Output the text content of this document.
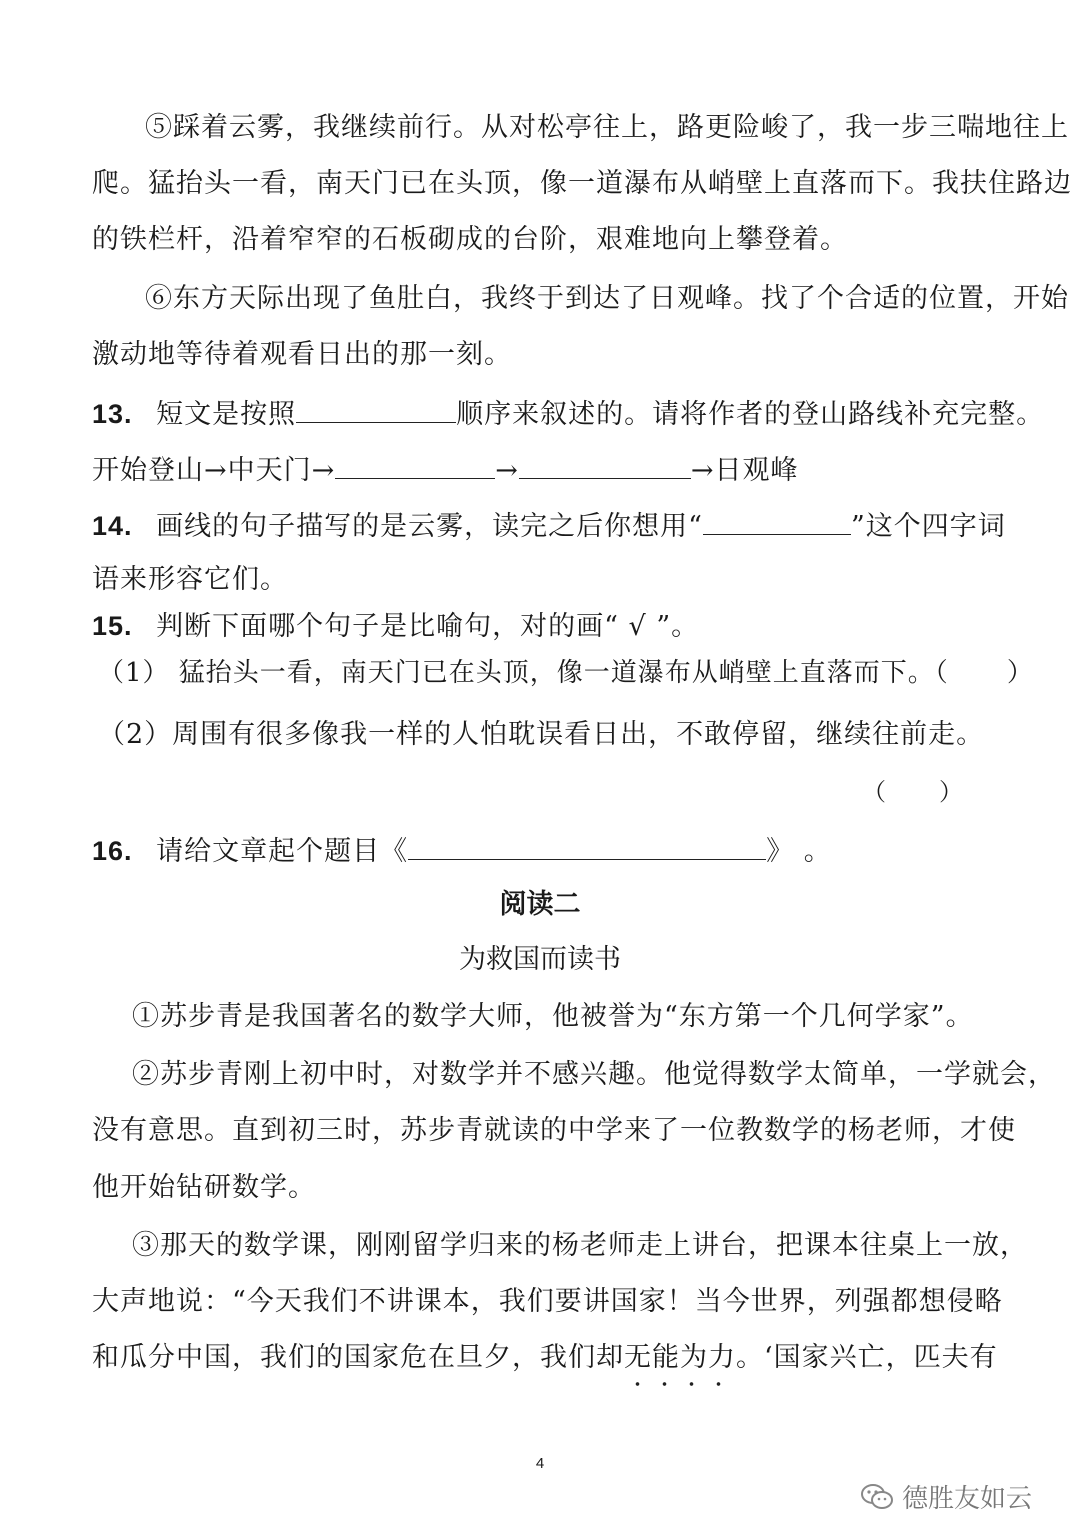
⑤踩着云雾，我继续前行。从对松亭往上，路更险峻了，我一步三喘地往上
爬。猛抬头一看，南天门已在头顶，像一道瀑布从峭壁上直落而下。我扶住路边
的铁栏杆，沿着窄窄的石板砌成的台阶，艰难地向上攀登着。
⑥东方天际出现了鱼肚白，我终于到达了日观峰。找了个合适的位置，开始
激动地等待着观看日出的那一刻。
13. 短文是按照	顺序来叙述的。请将作者的登山路线补充完整。
开始登山→中天门→	→	→日观峰
14. 画线的句子描写的是云雾，读完之后你想用“	”这个四字词
语来形容它们。
15. 判断下面哪个句子是比喻句，对的画“ √ ”。
（1） 猛抬头一看，南天门已在头顶，像一道瀑布从峭壁上直落而下。（ ）
（2）周围有很多像我一样的人怕耽误看日出，不敢停留，继续往前走。
（ ）
16. 请给文章起个题目《	》 。
阅读二
为救国而读书
①苏步青是我国著名的数学大师，他被誉为“东方第一个几何学家”。
②苏步青刚上初中时，对数学并不感兴趣。他觉得数学太简单，一学就会，
没有意思。直到初三时，苏步青就读的中学来了一位教数学的杨老师，才使
他开始钻研数学。
③那天的数学课，刚刚留学归来的杨老师走上讲台，把课本往桌上一放，
大声地说：“今天我们不讲课本，我们要讲国家！当今世界，列强都想侵略
和瓜分中国，我们的国家危在旦夕，我们却无能为力。‘国家兴亡，匹夫有
4
德胜友如云
